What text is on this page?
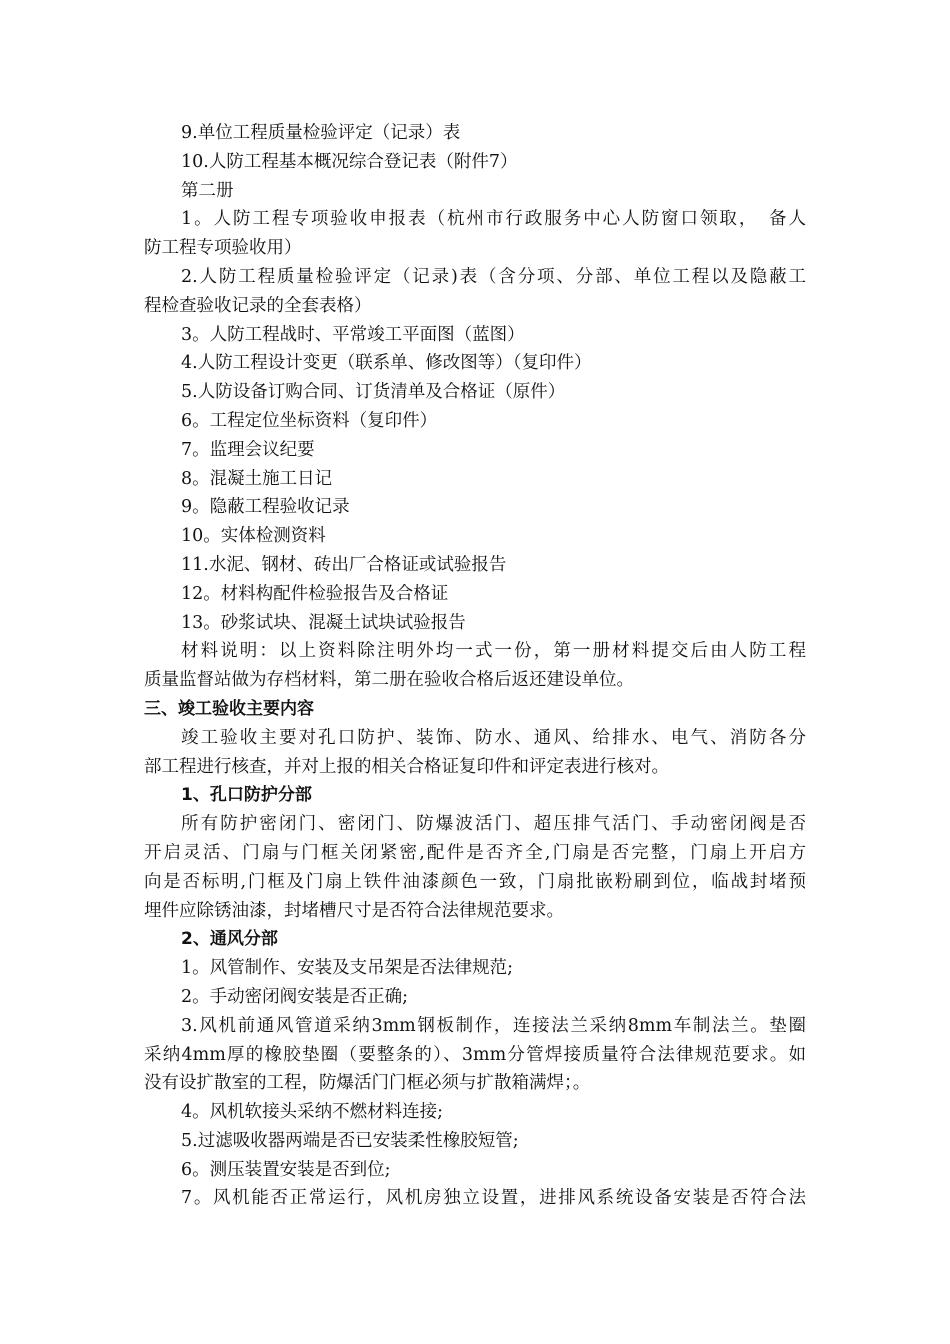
9.单位工程质量检验评定（记录）表
10.人防工程基本概况综合登记表（附件7）
第二册
1。人防工程专项验收申报表（杭州市行政服务中心人防窗口领取，　备人
防工程专项验收用）
2.人防工程质量检验评定（记录)表（含分项、分部、单位工程以及隐蔽工
程检查验收记录的全套表格）
3。人防工程战时、平常竣工平面图（蓝图）
4.人防工程设计变更（联系单、修改图等）（复印件）
5.人防设备订购合同、订货清单及合格证（原件）
6。工程定位坐标资料（复印件）
7。监理会议纪要
8。混凝土施工日记
9。隐蔽工程验收记录
10。实体检测资料
11.水泥、钢材、砖出厂合格证或试验报告
12。材料构配件检验报告及合格证
13。砂浆试块、混凝土试块试验报告
材料说明：以上资料除注明外均一式一份，第一册材料提交后由人防工程
质量监督站做为存档材料，第二册在验收合格后返还建设单位。
三、竣工验收主要内容
竣工验收主要对孔口防护、装饰、防水、通风、给排水、电气、消防各分
部工程进行核查，并对上报的相关合格证复印件和评定表进行核对。
1、孔口防护分部
所有防护密闭门、密闭门、防爆波活门、超压排气活门、手动密闭阀是否
开启灵活、门扇与门框关闭紧密,配件是否齐全,门扇是否完整，门扇上开启方
向是否标明,门框及门扇上铁件油漆颜色一致，门扇批嵌粉刷到位，临战封堵预
埋件应除锈油漆，封堵槽尺寸是否符合法律规范要求。
2、通风分部
1。风管制作、安装及支吊架是否法律规范;
2。手动密闭阀安装是否正确;
3.风机前通风管道采纳3mm钢板制作，连接法兰采纳8mm车制法兰。垫圈
采纳4mm厚的橡胶垫圈（要整条的）、3mm分管焊接质量符合法律规范要求。如
没有设扩散室的工程，防爆活门门框必须与扩散箱满焊；。
4。风机软接头采纳不燃材料连接;
5.过滤吸收器两端是否已安装柔性橡胶短管;
6。测压装置安装是否到位;
7。风机能否正常运行，风机房独立设置，进排风系统设备安装是否符合法
